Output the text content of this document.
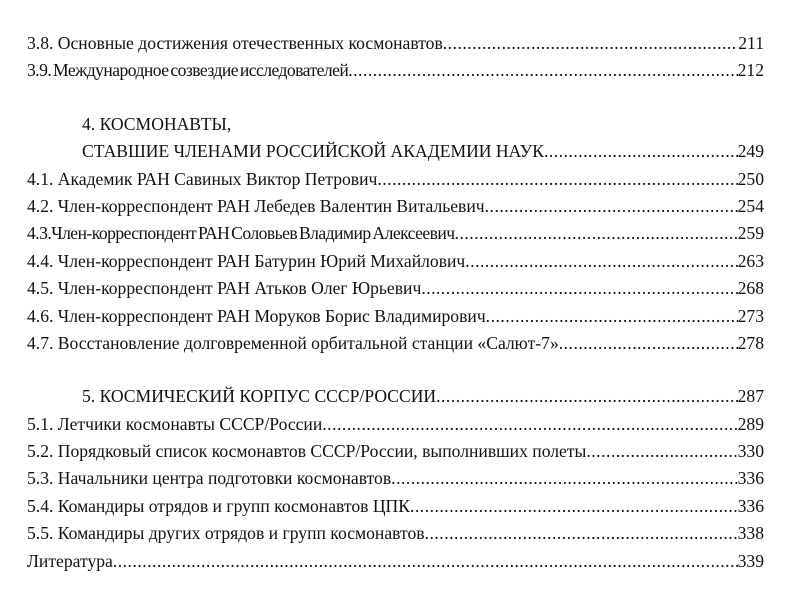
3.8. Основные достижения отечественных космонавтов .....	211
3.9. Международное созвездие исследователей .....	212
4. КОСМОНАВТЫ,
СТАВШИЕ ЧЛЕНАМИ РОССИЙСКОЙ АКАДЕМИИ НАУК .....	249
4.1. Академик РАН Савиных Виктор Петрович .....	250
4.2. Член-корреспондент РАН Лебедев Валентин Витальевич .....	254
4.3.Член-корреспондент РАН Соловьев Владимир Алексеевич .....	259
4.4. Член-корреспондент РАН Батурин Юрий Михайлович .....	263
4.5. Член-корреспондент РАН Атьков Олег Юрьевич .....	268
4.6. Член-корреспондент РАН Моруков Борис Владимирович .....	273
4.7. Восстановление долговременной орбитальной станции «Салют-7» .....	278
5. КОСМИЧЕСКИЙ КОРПУС СССР/РОССИИ .....	287
5.1. Летчики космонавты СССР/России .....	289
5.2. Порядковый список космонавтов СССР/России, выполнивших полеты .....	330
5.3. Начальники центра подготовки космонавтов .....	336
5.4. Командиры отрядов и групп космонавтов ЦПК .....	336
5.5. Командиры других отрядов и групп космонавтов .....	338
Литература .....	339
